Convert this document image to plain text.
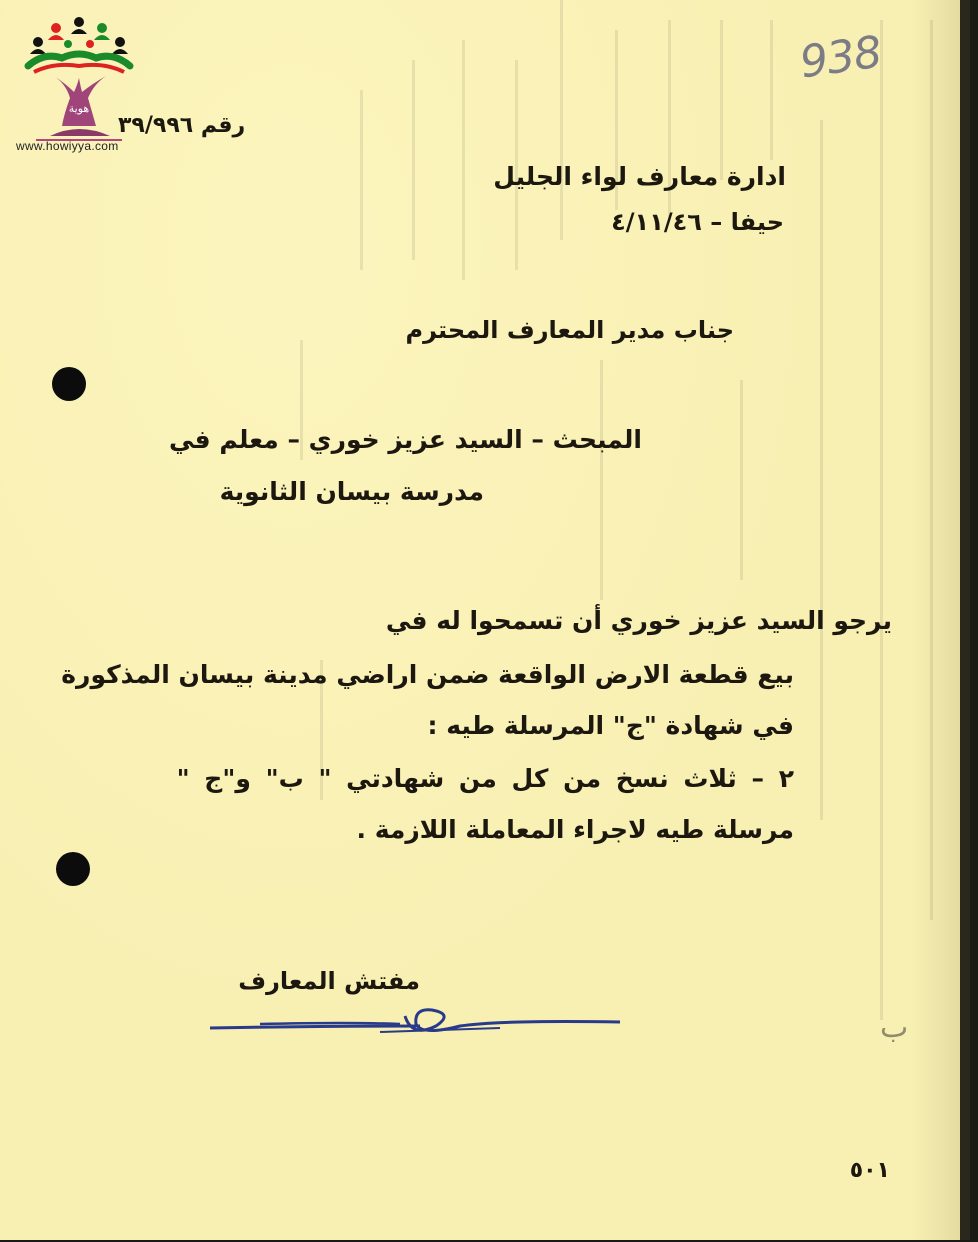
هوية
www.howiyya.com
938
رقم ٣٩/٩٩٦
ادارة معارف لواء الجليل
حيفا – ٤/١١/٤٦
جناب مدير المعارف المحترم
المبحث – السيد عزيز خوري – معلم في
مدرسة بيسان الثانوية
يرجو السيد عزيز خوري أن تسمحوا له في
بيع قطعة الارض الواقعة ضمن اراضي مدينة بيسان المذكورة
في شهادة "ج" المرسلة طيه :
٢ – ثلاث نسخ من كل من شهادتي " ب" و"ج "
مرسلة طيه لاجراء المعاملة اللازمة .
مفتش المعارف
٥٠١
ب
